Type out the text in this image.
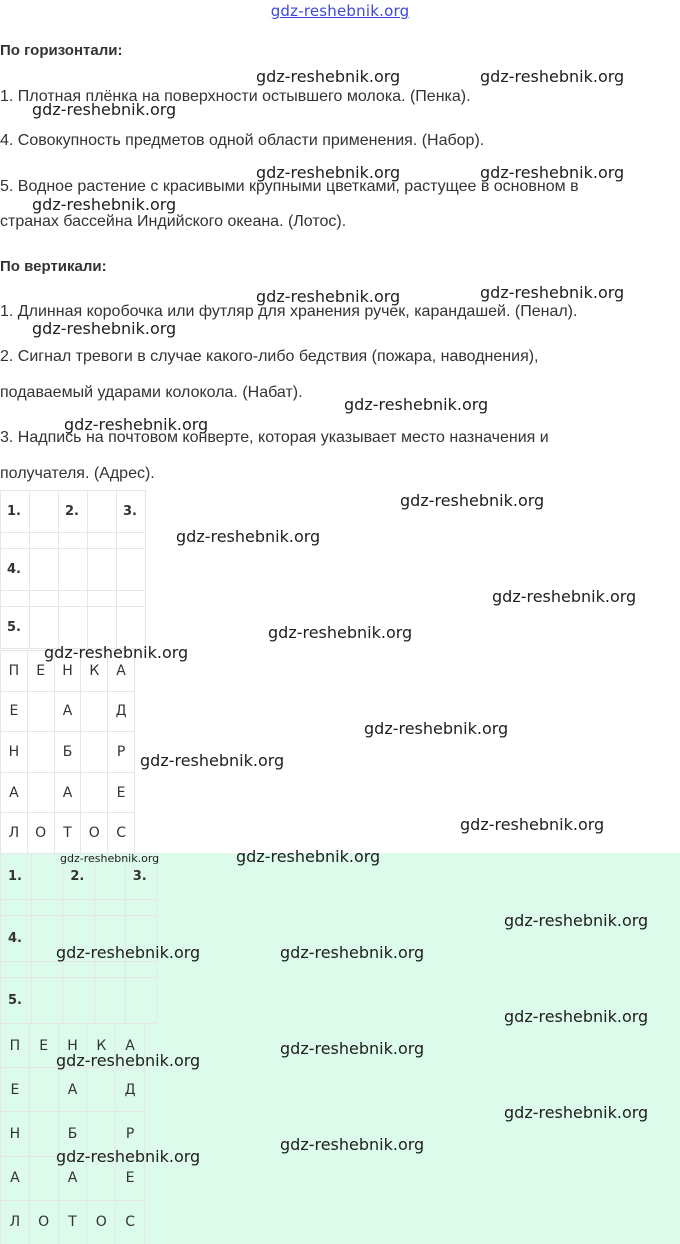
gdz-reshebnik.org
По горизонтали:
1. Плотная плёнка на поверхности остывшего молока. (Пенка).
4. Совокупность предметов одной области применения. (Набор).
5. Водное растение с красивыми крупными цветками, растущее в основном в
странах бассейна Индийского океана. (Лотос).
По вертикали:
1. Длинная коробочка или футляр для хранения ручек, карандашей. (Пенал).
2. Сигнал тревоги в случае какого-либо бедствия (пожара, наводнения),
подаваемый ударами колокола. (Набат).
3. Надпись на почтовом конверте, которая указывает место назначения и
получателя. (Адрес).
1.		2.		3.

4.				

5.				
П	Е	Н	К	А
Е		А		Д
Н		Б		Р
А		А		Е
Л	О	Т	О	С
1.		2.		3.

4.				

5.				
П	Е	Н	К	А
Е		А		Д
Н		Б		Р
А		А		Е
Л	О	Т	О	С
gdz-reshebnik.org	gdz-reshebnik.org
gdz-reshebnik.org
gdz-reshebnik.org	gdz-reshebnik.org
gdz-reshebnik.org
gdz-reshebnik.org	gdz-reshebnik.org
gdz-reshebnik.org
gdz-reshebnik.org
gdz-reshebnik.org
gdz-reshebnik.org
gdz-reshebnik.org
gdz-reshebnik.org
gdz-reshebnik.org
gdz-reshebnik.org
gdz-reshebnik.org
gdz-reshebnik.org
gdz-reshebnik.org
gdz-reshebnik.org
gdz-reshebnik.org
gdz-reshebnik.org
gdz-reshebnik.org	gdz-reshebnik.org
gdz-reshebnik.org
gdz-reshebnik.org
gdz-reshebnik.org
gdz-reshebnik.org
gdz-reshebnik.org
gdz-reshebnik.org
